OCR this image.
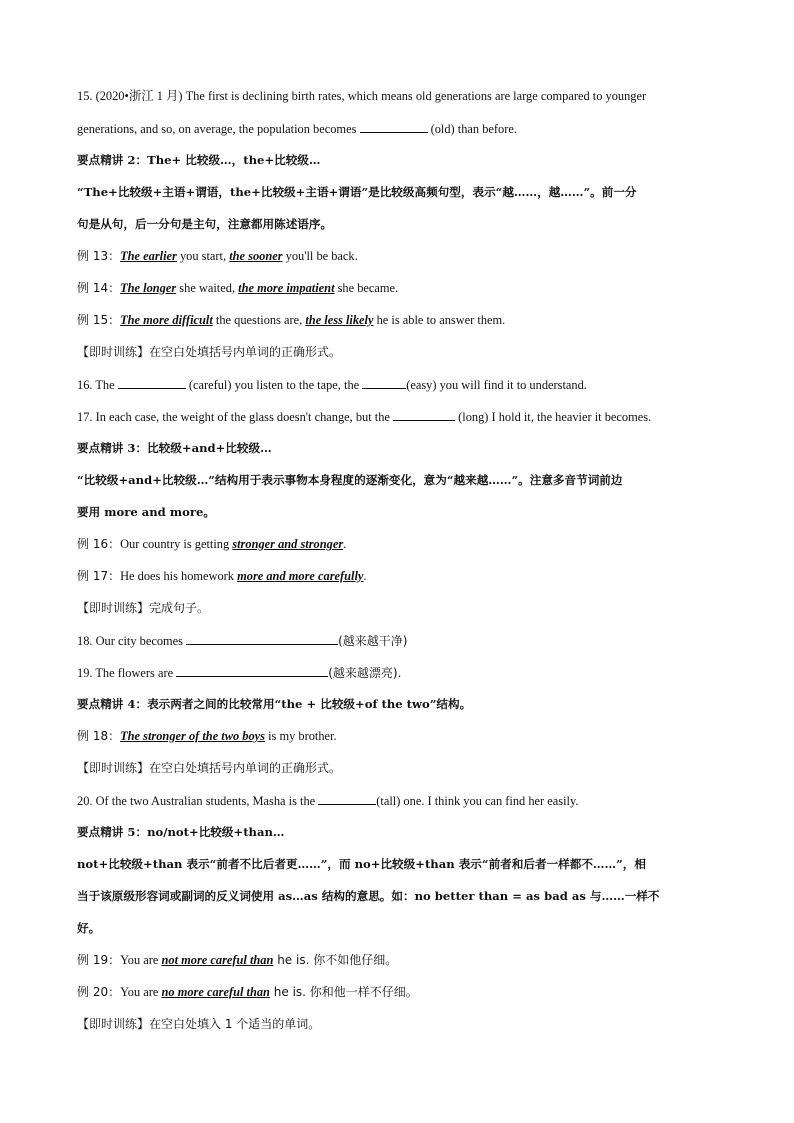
15. (2020•浙江 1 月) The first is declining birth rates, which means old generations are large compared to younger
generations, and so, on average, the population becomes	(old) than before.
要点精讲 2：The+ 比较级…，the+比较级…
“The+比较级+主语+谓语，the+比较级+主语+谓语”是比较级高频句型，表示“越……，越……”。前一分
句是从句，后一分句是主句，注意都用陈述语序。
例 13：The earlier you start, the sooner you'll be back.
例 14：The longer she waited, the more impatient she became.
例 15：The more difficult the questions are, the less likely he is able to answer them.
【即时训练】在空白处填括号内单词的正确形式。
16. The	(careful) you listen to the tape, the	(easy) you will find it to understand.
17. In each case, the weight of the glass doesn't change, but the	(long) I hold it, the heavier it becomes.
要点精讲 3：比较级+and+比较级…
“比较级+and+比较级…”结构用于表示事物本身程度的逐渐变化，意为“越来越……”。注意多音节词前边
要用 more and more。
例 16：Our country is getting stronger and stronger.
例 17：He does his homework more and more carefully.
【即时训练】完成句子。
18. Our city becomes	(越来越干净)
19. The flowers are	(越来越漂亮).
要点精讲 4：表示两者之间的比较常用“the + 比较级+of the two”结构。
例 18：The stronger of the two boys is my brother.
【即时训练】在空白处填括号内单词的正确形式。
20. Of the two Australian students, Masha is the	(tall) one. I think you can find her easily.
要点精讲 5：no/not+比较级+than…
not+比较级+than 表示“前者不比后者更……”，而 no+比较级+than 表示“前者和后者一样都不……”，相
当于该原级形容词或副词的反义词使用 as…as 结构的意思。如：no better than = as bad as 与……一样不
好。
例 19：You are not more careful than he is. 你不如他仔细。
例 20：You are no more careful than he is. 你和他一样不仔细。
【即时训练】在空白处填入 1 个适当的单词。
